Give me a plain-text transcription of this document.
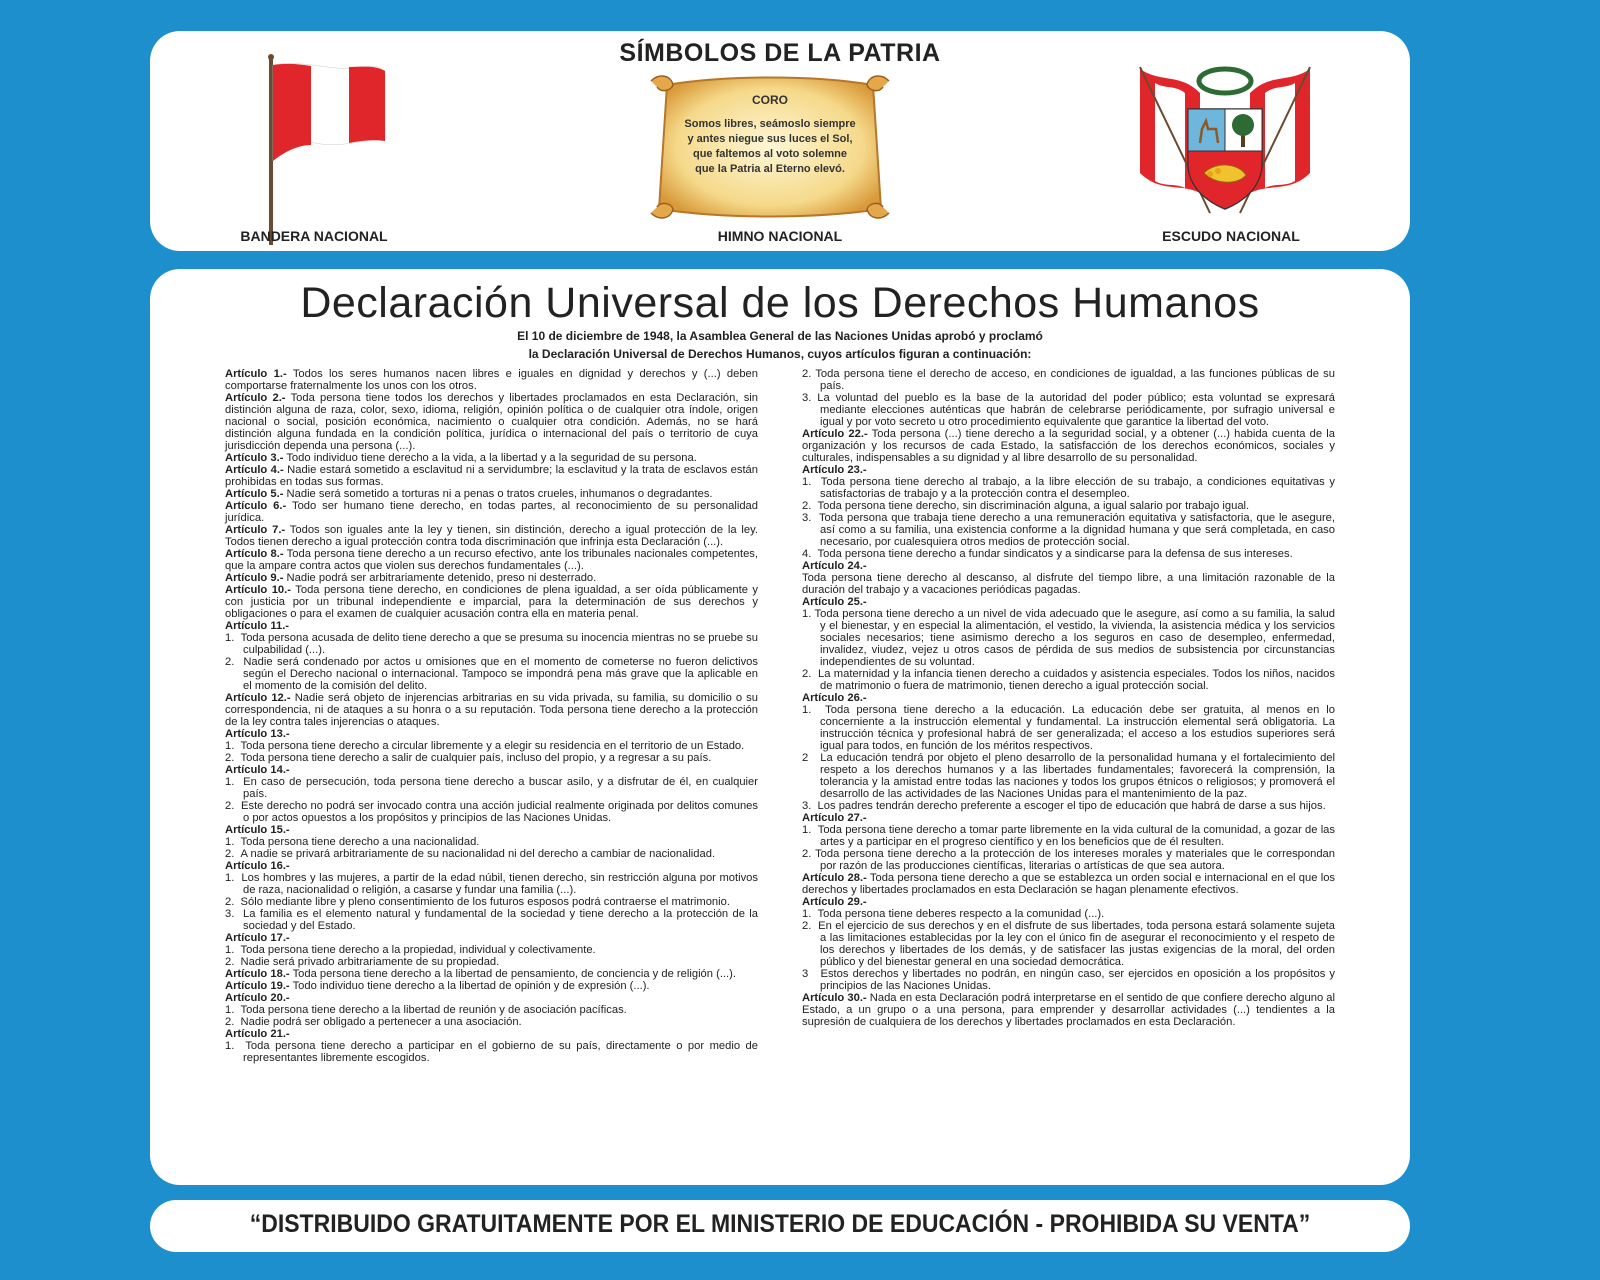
SÍMBOLOS DE LA PATRIA
CORO
Somos libres, seámoslo siempre
y antes niegue sus luces el Sol,
que faltemos al voto solemne
que la Patria al Eterno elevó.
BANDERA NACIONAL	HIMNO NACIONAL	ESCUDO NACIONAL
Declaración Universal de los Derechos Humanos
El 10 de diciembre de 1948, la Asamblea General de las Naciones Unidas aprobó y proclamó
la Declaración Universal de Derechos Humanos, cuyos artículos figuran a continuación:

Artículo 1.- Todos los seres humanos nacen libres e iguales en dignidad y derechos y (...) deben comportarse fraternalmente los unos con los otros.

Artículo 2.- Toda persona tiene todos los derechos y libertades proclamados en esta Declaración, sin distinción alguna de raza, color, sexo, idioma, religión, opinión política o de cualquier otra índole, origen nacional o social, posición económica, nacimiento o cualquier otra condición. Además, no se hará distinción alguna fundada en la condición política, jurídica o internacional del país o territorio de cuya jurisdicción dependa una persona (...).

Artículo 3.- Todo individuo tiene derecho a la vida, a la libertad y a la seguridad de su persona.

Artículo 4.- Nadie estará sometido a esclavitud ni a servidumbre; la esclavitud y la trata de esclavos están prohibidas en todas sus formas.

Artículo 5.- Nadie será sometido a torturas ni a penas o tratos crueles, inhumanos o degradantes.

Artículo 6.- Todo ser humano tiene derecho, en todas partes, al reconocimiento de su personalidad jurídica.

Artículo 7.- Todos son iguales ante la ley y tienen, sin distinción, derecho a igual protección de la ley. Todos tienen derecho a igual protección contra toda discriminación que infrinja esta Declaración (...).

Artículo 8.- Toda persona tiene derecho a un recurso efectivo, ante los tribunales nacionales competentes, que la ampare contra actos que violen sus derechos fundamentales (...).

Artículo 9.- Nadie podrá ser arbitrariamente detenido, preso ni desterrado.

Artículo 10.- Toda persona tiene derecho, en condiciones de plena igualdad, a ser oída públicamente y con justicia por un tribunal independiente e imparcial, para la determinación de sus derechos y obligaciones o para el examen de cualquier acusación contra ella en materia penal.

Artículo 11.-

1.  Toda persona acusada de delito tiene derecho a que se presuma su inocencia mientras no se pruebe su culpabilidad (...).

2.  Nadie será condenado por actos u omisiones que en el momento de cometerse no fueron delictivos según el Derecho nacional o internacional. Tampoco se impondrá pena más grave que la aplicable en el momento de la comisión del delito.

Artículo 12.- Nadie será objeto de injerencias arbitrarias en su vida privada, su familia, su domicilio o su correspondencia, ni de ataques a su honra o a su reputación. Toda persona tiene derecho a la protección de la ley contra tales injerencias o ataques.

Artículo 13.-

1.  Toda persona tiene derecho a circular libremente y a elegir su residencia en el territorio de un Estado.

2.  Toda persona tiene derecho a salir de cualquier país, incluso del propio, y a regresar a su país.

Artículo 14.-

1.  En caso de persecución, toda persona tiene derecho a buscar asilo, y a disfrutar de él, en cualquier país.

2.  Este derecho no podrá ser invocado contra una acción judicial realmente originada por delitos comunes o por actos opuestos a los propósitos y principios de las Naciones Unidas.

Artículo 15.-

1.  Toda persona tiene derecho a una nacionalidad.

2.  A nadie se privará arbitrariamente de su nacionalidad ni del derecho a cambiar de nacionalidad.

Artículo 16.-

1.  Los hombres y las mujeres, a partir de la edad núbil, tienen derecho, sin restricción alguna por motivos de raza, nacionalidad o religión, a casarse y fundar una familia (...).

2.  Sólo mediante libre y pleno consentimiento de los futuros esposos podrá contraerse el matrimonio.

3.  La familia es el elemento natural y fundamental de la sociedad y tiene derecho a la protección de la sociedad y del Estado.

Artículo 17.-

1.  Toda persona tiene derecho a la propiedad, individual y colectivamente.

2.  Nadie será privado arbitrariamente de su propiedad.

Artículo 18.- Toda persona tiene derecho a la libertad de pensamiento, de conciencia y de religión (...).

Artículo 19.- Todo individuo tiene derecho a la libertad de opinión y de expresión (...).

Artículo 20.-

1.  Toda persona tiene derecho a la libertad de reunión y de asociación pacíficas.

2.  Nadie podrá ser obligado a pertenecer a una asociación.

Artículo 21.-

1.  Toda persona tiene derecho a participar en el gobierno de su país, directamente o por medio de representantes libremente escogidos.

2. Toda persona tiene el derecho de acceso, en condiciones de igualdad, a las funciones públicas de su país.

3. La voluntad del pueblo es la base de la autoridad del poder público; esta voluntad se expresará mediante elecciones auténticas que habrán de celebrarse periódicamente, por sufragio universal e igual y por voto secreto u otro procedimiento equivalente que garantice la libertad del voto.

Artículo 22.- Toda persona (...) tiene derecho a la seguridad social, y a obtener (...) habida cuenta de la organización y los recursos de cada Estado, la satisfacción de los derechos económicos, sociales y culturales, indispensables a su dignidad y al libre desarrollo de su personalidad.

Artículo 23.-

1.  Toda persona tiene derecho al trabajo, a la libre elección de su trabajo, a condiciones equitativas y satisfactorias de trabajo y a la protección contra el desempleo.

2.  Toda persona tiene derecho, sin discriminación alguna, a igual salario por trabajo igual.

3.  Toda persona que trabaja tiene derecho a una remuneración equitativa y satisfactoria, que le asegure, así como a su familia, una existencia conforme a la dignidad humana y que será completada, en caso necesario, por cualesquiera otros medios de protección social.

4.  Toda persona tiene derecho a fundar sindicatos y a sindicarse para la defensa de sus intereses.

Artículo 24.-

Toda persona tiene derecho al descanso, al disfrute del tiempo libre, a una limitación razonable de la duración del trabajo y a vacaciones periódicas pagadas.

Artículo 25.-

1. Toda persona tiene derecho a un nivel de vida adecuado que le asegure, así como a su familia, la salud y el bienestar, y en especial la alimentación, el vestido, la vivienda, la asistencia médica y los servicios sociales necesarios; tiene asimismo derecho a los seguros en caso de desempleo, enfermedad, invalidez, viudez, vejez u otros casos de pérdida de sus medios de subsistencia por circunstancias independientes de su voluntad.

2.  La maternidad y la infancia tienen derecho a cuidados y asistencia especiales. Todos los niños, nacidos de matrimonio o fuera de matrimonio, tienen derecho a igual protección social.

Artículo 26.-

1.  Toda persona tiene derecho a la educación. La educación debe ser gratuita, al menos en lo concerniente a la instrucción elemental y fundamental. La instrucción elemental será obligatoria. La instrucción técnica y profesional habrá de ser generalizada; el acceso a los estudios superiores será igual para todos, en función de los méritos respectivos.

2   La educación tendrá por objeto el pleno desarrollo de la personalidad humana y el fortalecimiento del respeto a los derechos humanos y a las libertades fundamentales; favorecerá la comprensión, la tolerancia y la amistad entre todas las naciones y todos los grupos étnicos o religiosos; y promoverá el desarrollo de las actividades de las Naciones Unidas para el mantenimiento de la paz.

3.  Los padres tendrán derecho preferente a escoger el tipo de educación que habrá de darse a sus hijos.

Artículo 27.-

1.  Toda persona tiene derecho a tomar parte libremente en la vida cultural de la comunidad, a gozar de las artes y a participar en el progreso científico y en los beneficios que de él resulten.

2. Toda persona tiene derecho a la protección de los intereses morales y materiales que le correspondan por razón de las producciones científicas, literarias o artísticas de que sea autora.

Artículo 28.- Toda persona tiene derecho a que se establezca un orden social e internacional en el que los derechos y libertades proclamados en esta Declaración se hagan plenamente efectivos.

Artículo 29.-

1.  Toda persona tiene deberes respecto a la comunidad (...).

2.  En el ejercicio de sus derechos y en el disfrute de sus libertades, toda persona estará solamente sujeta a las limitaciones establecidas por la ley con el único fin de asegurar el reconocimiento y el respeto de los derechos y libertades de los demás, y de satisfacer las justas exigencias de la moral, del orden público y del bienestar general en una sociedad democrática.

3   Estos derechos y libertades no podrán, en ningún caso, ser ejercidos en oposición a los propósitos y principios de las Naciones Unidas.

Artículo 30.- Nada en esta Declaración podrá interpretarse en el sentido de que confiere derecho alguno al Estado, a un grupo o a una persona, para emprender y desarrollar actividades (...) tendientes a la supresión de cualquiera de los derechos y libertades proclamados en esta Declaración.

“DISTRIBUIDO GRATUITAMENTE POR EL MINISTERIO DE EDUCACIÓN - PROHIBIDA SU VENTA”
